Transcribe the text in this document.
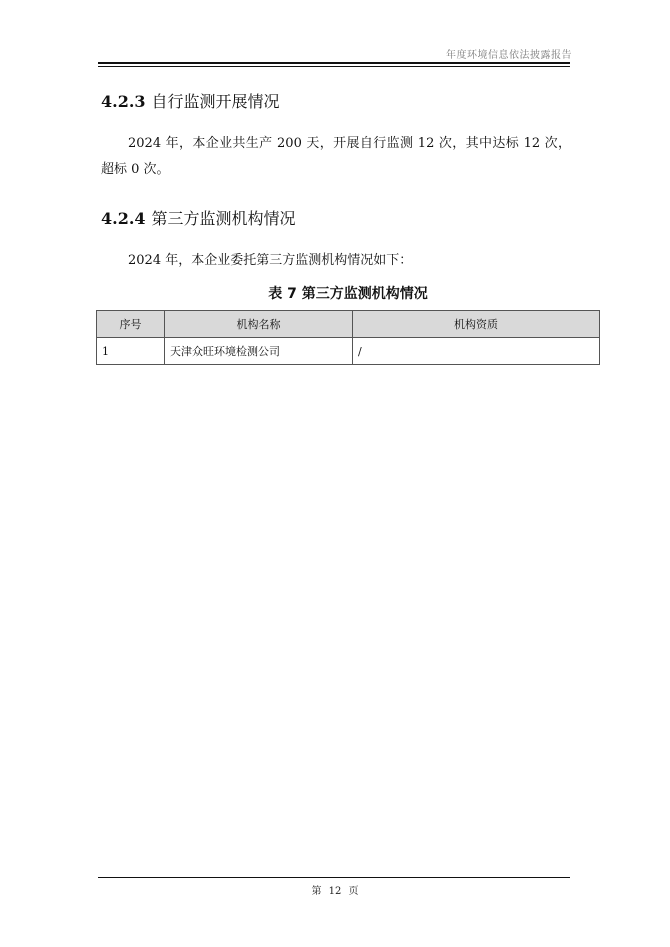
年度环境信息依法披露报告
4.2.3 自行监测开展情况

2024 年，本企业共生产 200 天，开展自行监测 12 次，其中达标 12 次，超标 0 次。

4.2.4 第三方监测机构情况

2024 年，本企业委托第三方监测机构情况如下：

表 7 第三方监测机构情况

序号	机构名称	机构资质
1	天津众旺环境检测公司	/
第 12 页
